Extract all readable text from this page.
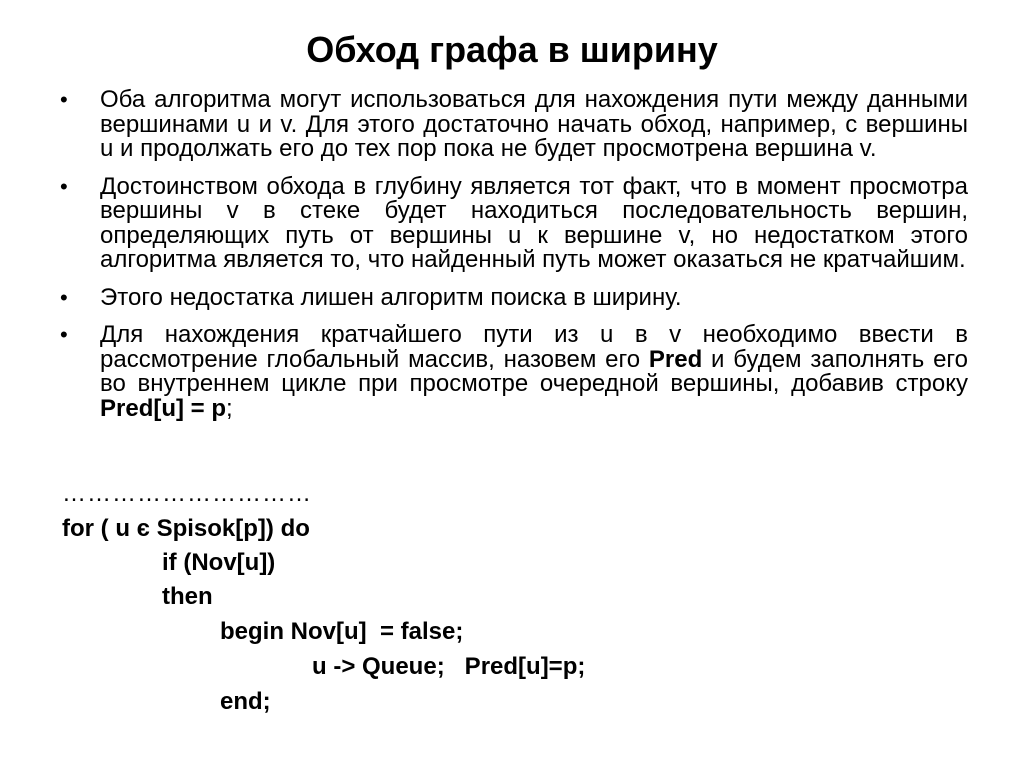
Обход графа в ширину
• Оба алгоритма могут использоваться для нахождения пути между данными вершинами u и v. Для этого достаточно начать обход, например, с вершины u и продолжать его до тех пор пока не будет просмотрена вершина v.
• Достоинством обхода в глубину является тот факт, что в момент просмотра вершины v в стеке будет находиться последовательность вершин, определяющих путь от вершины u к вершине v, но недостатком этого алгоритма является то, что найденный путь может оказаться не кратчайшим.
• Этого недостатка лишен алгоритм поиска в ширину.
• Для нахождения кратчайшего пути из u в v необходимо ввести в рассмотрение глобальный массив, назовем его Pred и будем заполнять его во внутреннем цикле при просмотре очередной вершины, добавив строку Pred[u] = p;
…………………………
for ( u є Spisok[p]) do
if (Nov[u])
then
begin Nov[u]  = false;
u -> Queue;   Pred[u]=p;
end;
